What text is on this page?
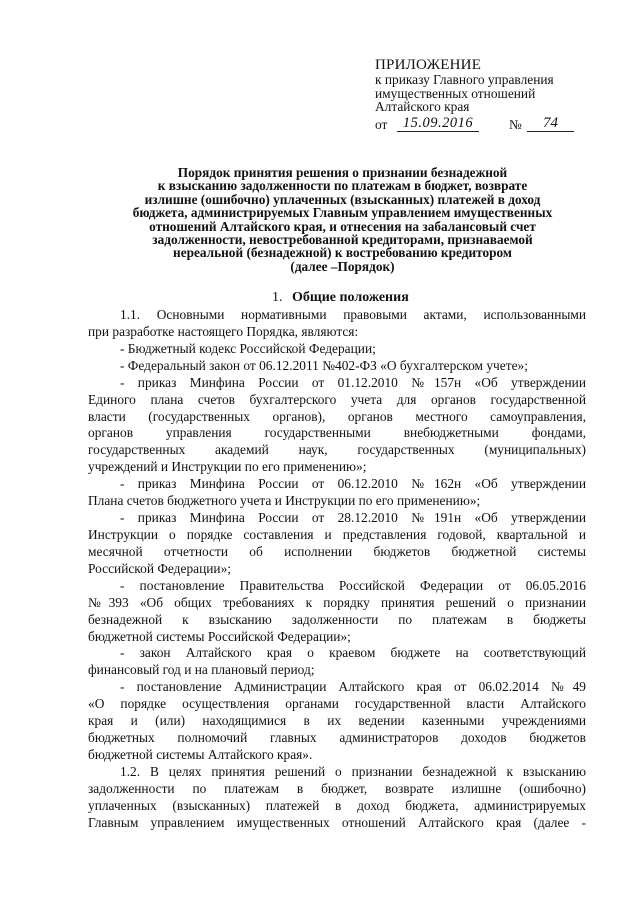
ПРИЛОЖЕНИЕ
к приказу Главного управления
имущественных отношений
Алтайского края
от	15.09.2016	№	74
Порядок принятия решения о признании безнадежной
к взысканию задолженности по платежам в бюджет, возврате
излишне (ошибочно) уплаченных (взысканных) платежей в доход
бюджета, администрируемых Главным управлением имущественных
отношений Алтайского края, и отнесения на забалансовый счет
задолженности, невостребованной кредиторами, признаваемой
нереальной (безнадежной) к востребованию кредитором
(далее –Порядок)
1. Общие положения
1.1. Основными нормативными правовыми актами, использованными
при разработке настоящего Порядка, являются:
- Бюджетный кодекс Российской Федерации;
- Федеральный закон от 06.12.2011 №402-ФЗ «О бухгалтерском учете»;
- приказ Минфина России от 01.12.2010 №157н «Об утверждении
Единого плана счетов бухгалтерского учета для органов государственной
власти (государственных органов), органов местного самоуправления,
органов управления государственными внебюджетными фондами,
государственных академий наук, государственных (муниципальных)
учреждений и Инструкции по его применению»;
- приказ Минфина России от 06.12.2010 №162н «Об утверждении
Плана счетов бюджетного учета и Инструкции по его применению»;
- приказ Минфина России от 28.12.2010 №191н «Об утверждении
Инструкции о порядке составления и представления годовой, квартальной и
месячной отчетности об исполнении бюджетов бюджетной системы
Российской Федерации»;
- постановление Правительства Российской Федерации от 06.05.2016
№393 «Об общих требованиях к порядку принятия решений о признании
безнадежной к взысканию задолженности по платежам в бюджеты
бюджетной системы Российской Федерации»;
- закон Алтайского края о краевом бюджете на соответствующий
финансовый год и на плановый период;
- постановление Администрации Алтайского края от 06.02.2014 №49
«О порядке осуществления органами государственной власти Алтайского
края и (или) находящимися в их ведении казенными учреждениями
бюджетных полномочий главных администраторов доходов бюджетов
бюджетной системы Алтайского края».
1.2. В целях принятия решений о признании безнадежной к взысканию
задолженности по платежам в бюджет, возврате излишне (ошибочно)
уплаченных (взысканных) платежей в доход бюджета, администрируемых
Главным управлением имущественных отношений Алтайского края (далее -
